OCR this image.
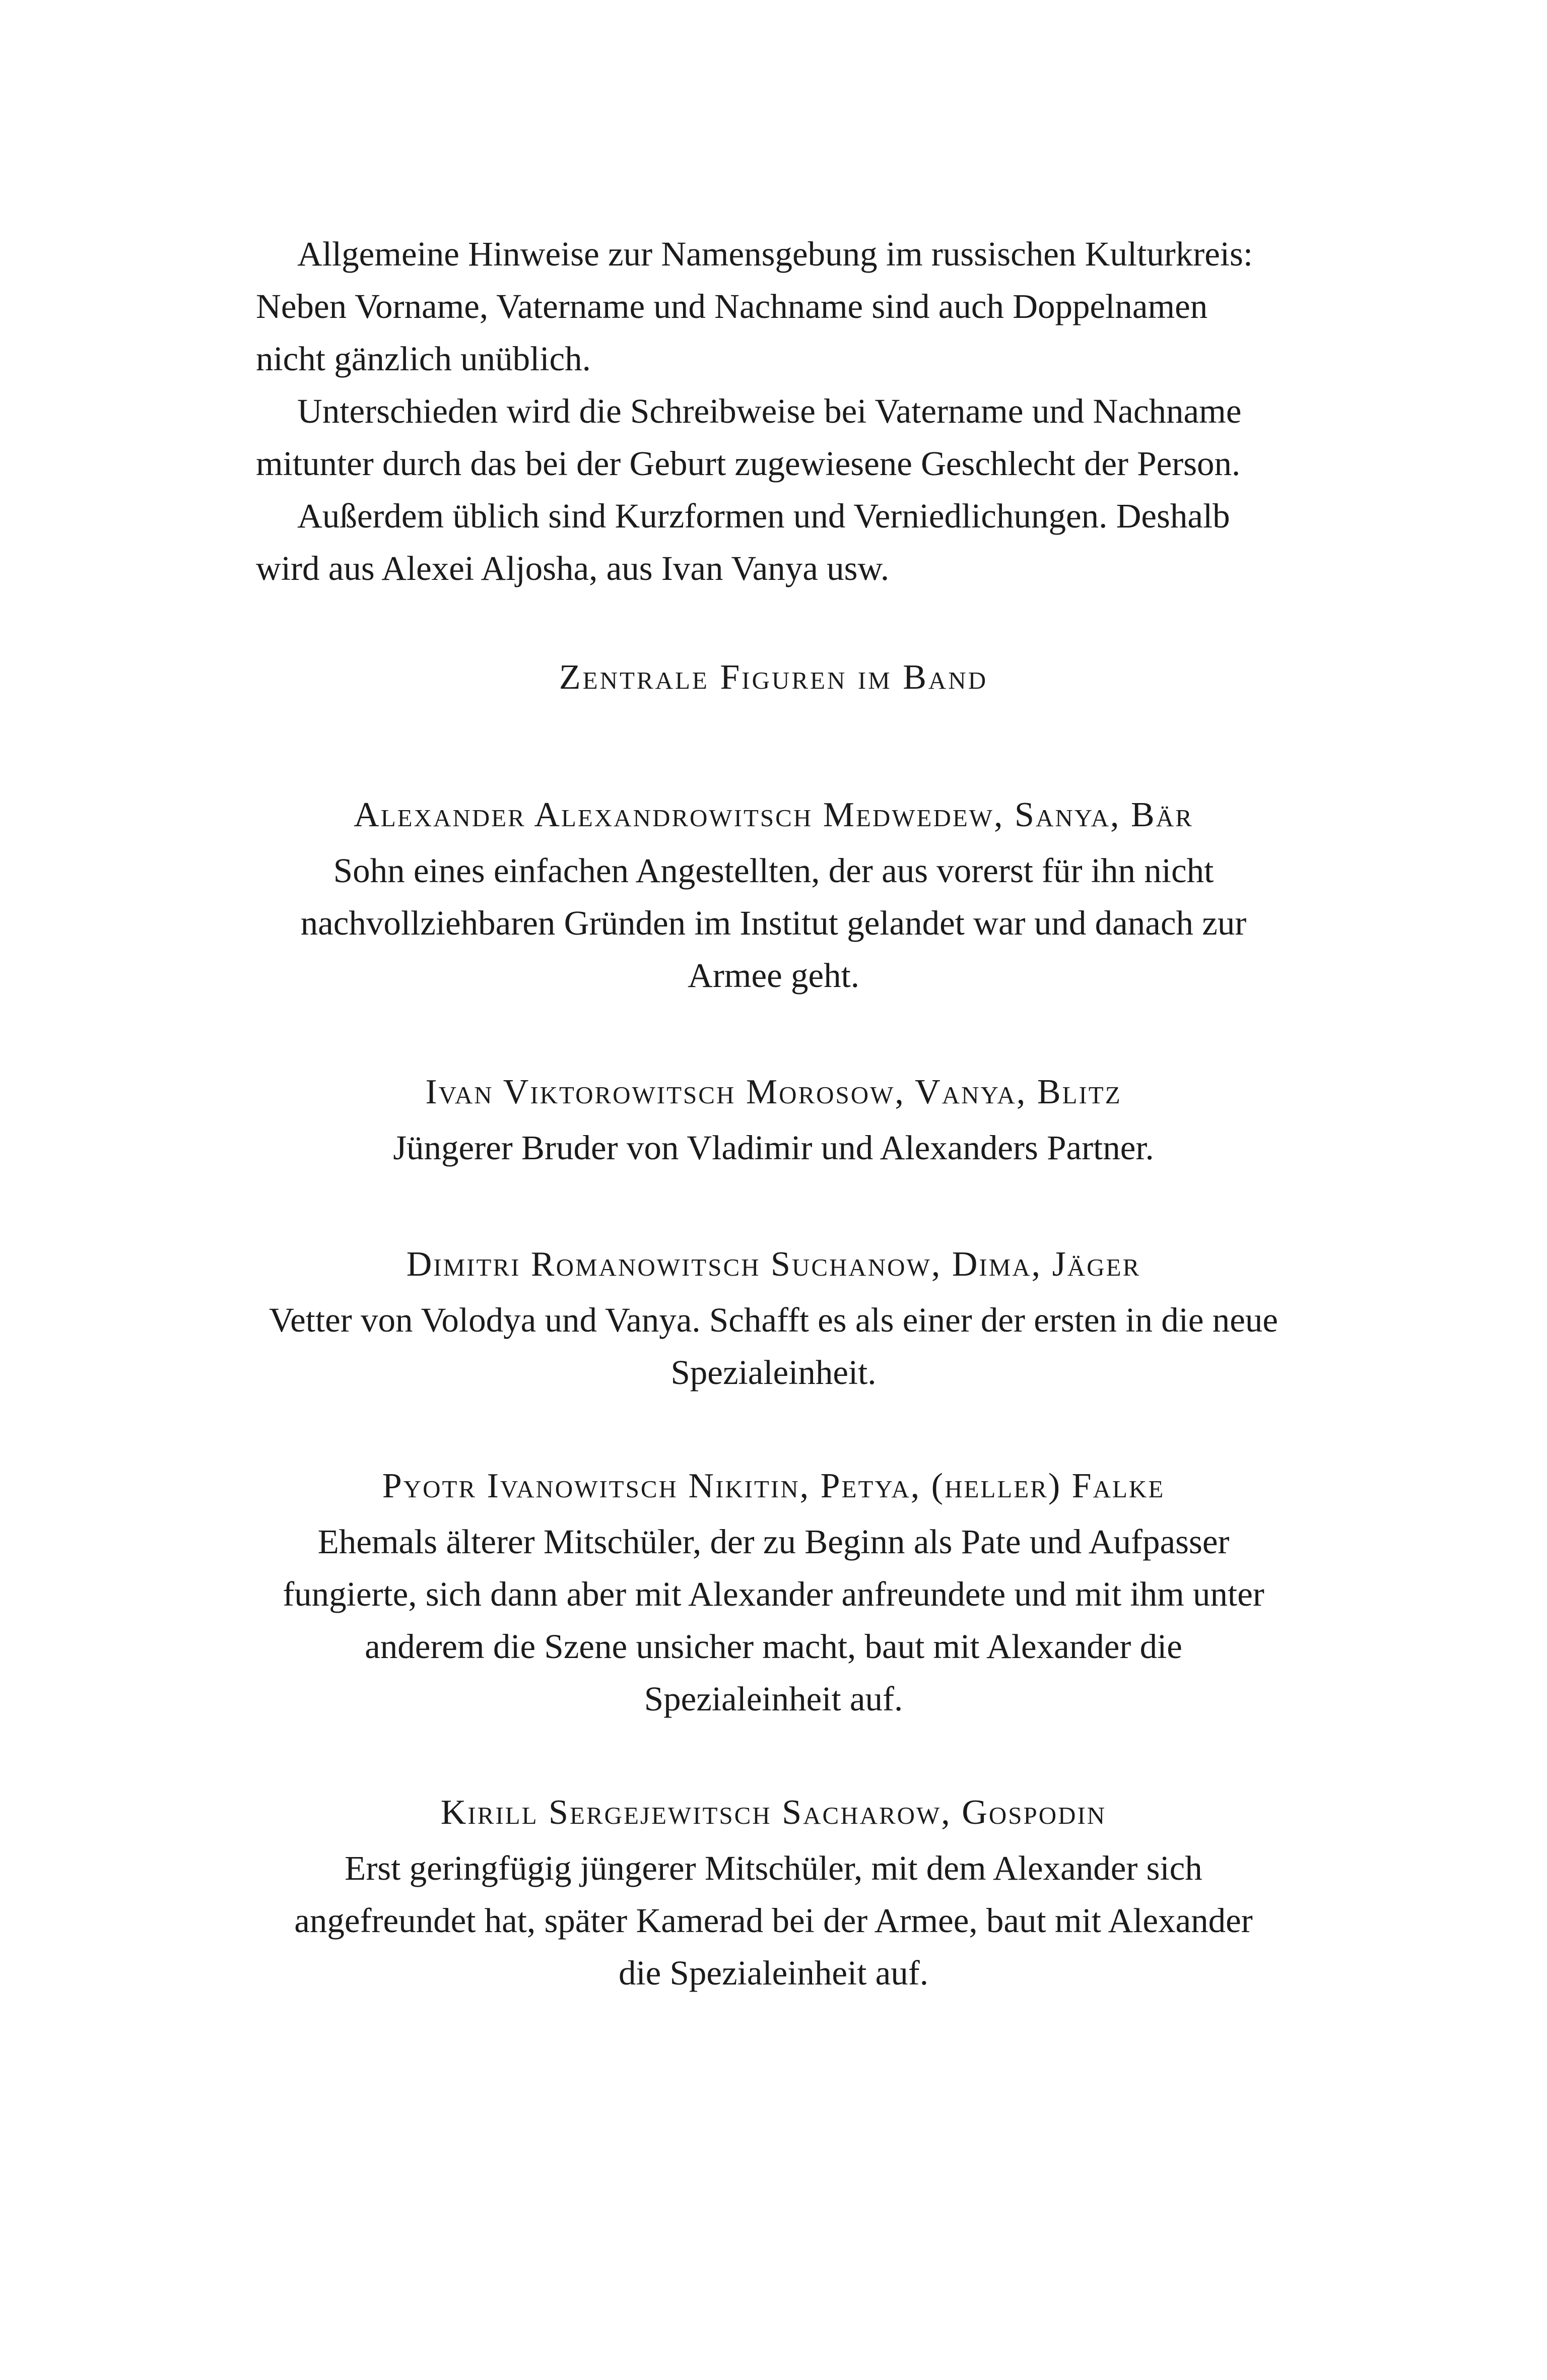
Allgemeine Hinweise zur Namensgebung im russischen Kulturkreis:
Neben Vorname, Vatername und Nachname sind auch Doppelnamen
nicht gänzlich unüblich.
Unterschieden wird die Schreibweise bei Vatername und Nachname
mitunter durch das bei der Geburt zugewiesene Geschlecht der Person.
Außerdem üblich sind Kurzformen und Verniedlichungen. Deshalb
wird aus Alexei Aljosha, aus Ivan Vanya usw.
Zentrale Figuren im Band
Alexander Alexandrowitsch Medwedew, Sanya, Bär
Sohn eines einfachen Angestellten, der aus vorerst für ihn nicht
nachvollziehbaren Gründen im Institut gelandet war und danach zur
Armee geht.
Ivan Viktorowitsch Morosow, Vanya, Blitz
Jüngerer Bruder von Vladimir und Alexanders Partner.
Dimitri Romanowitsch Suchanow, Dima, Jäger
Vetter von Volodya und Vanya. Schafft es als einer der ersten in die neue
Spezialeinheit.
Pyotr Ivanowitsch Nikitin, Petya, (heller) Falke
Ehemals älterer Mitschüler, der zu Beginn als Pate und Aufpasser
fungierte, sich dann aber mit Alexander anfreundete und mit ihm unter
anderem die Szene unsicher macht, baut mit Alexander die
Spezialeinheit auf.
Kirill Sergejewitsch Sacharow, Gospodin
Erst geringfügig jüngerer Mitschüler, mit dem Alexander sich
angefreundet hat, später Kamerad bei der Armee, baut mit Alexander
die Spezialeinheit auf.
